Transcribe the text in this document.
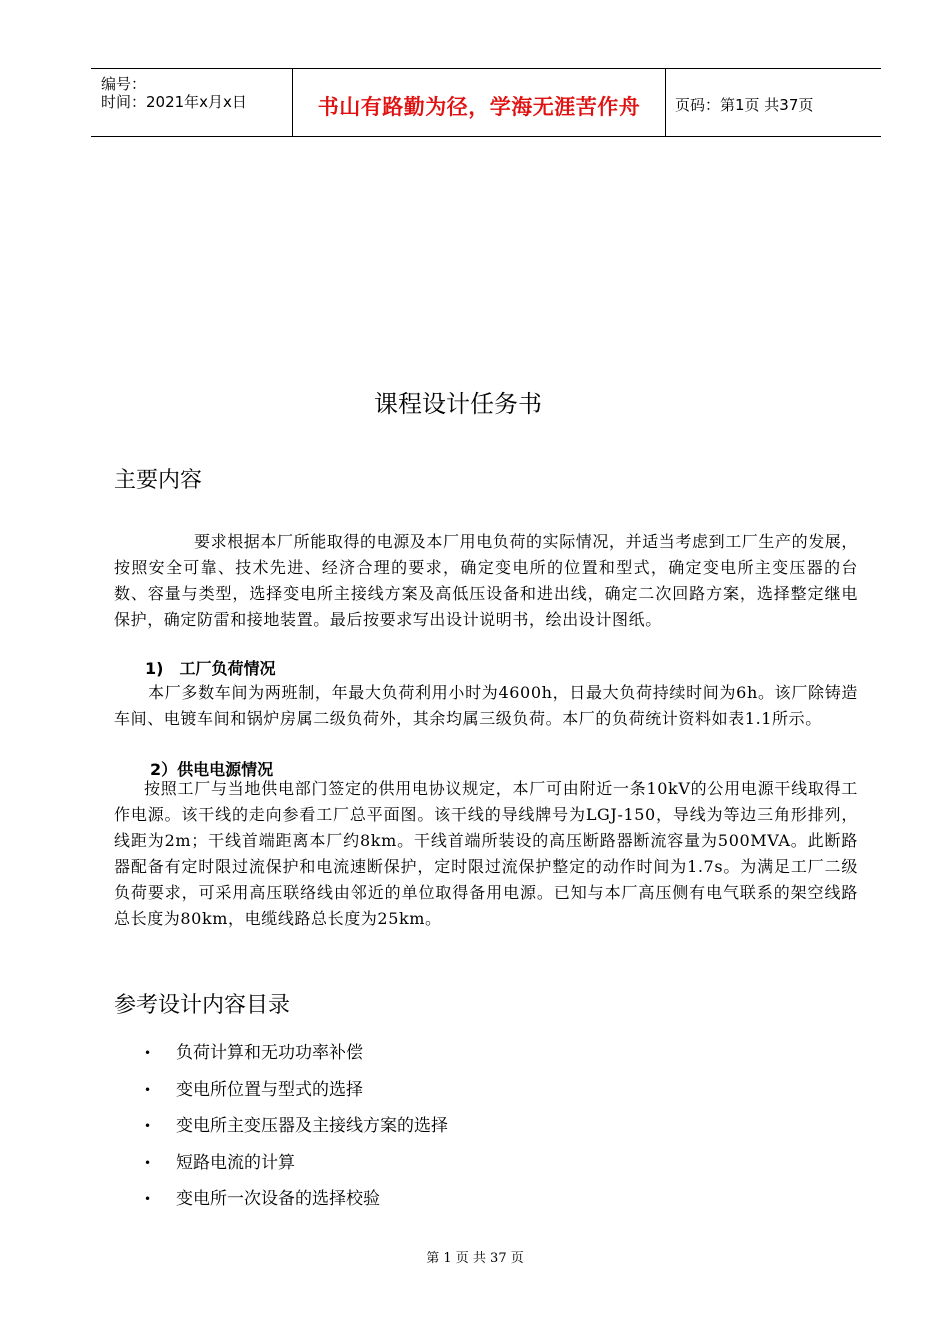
编号：
时间：2021年x月x日	书山有路勤为径，学海无涯苦作舟	页码：第1页 共37页
课程设计任务书
主要内容
要求根据本厂所能取得的电源及本厂用电负荷的实际情况，并适当考虑到工厂生产的发展，按照安全可靠、技术先进、经济合理的要求，确定变电所的位置和型式，确定变电所主变压器的台数、容量与类型，选择变电所主接线方案及高低压设备和进出线，确定二次回路方案，选择整定继电保护，确定防雷和接地装置。最后按要求写出设计说明书，绘出设计图纸。
1)　工厂负荷情况
本厂多数车间为两班制，年最大负荷利用小时为4600h，日最大负荷持续时间为6h。该厂除铸造车间、电镀车间和锅炉房属二级负荷外，其余均属三级负荷。本厂的负荷统计资料如表1.1所示。
2）供电电源情况
按照工厂与当地供电部门签定的供用电协议规定，本厂可由附近一条10kV的公用电源干线取得工作电源。该干线的走向参看工厂总平面图。该干线的导线牌号为LGJ-150，导线为等边三角形排列，线距为2m；干线首端距离本厂约8km。干线首端所装设的高压断路器断流容量为500MVA。此断路器配备有定时限过流保护和电流速断保护，定时限过流保护整定的动作时间为1.7s。为满足工厂二级负荷要求，可采用高压联络线由邻近的单位取得备用电源。已知与本厂高压侧有电气联系的架空线路总长度为80km，电缆线路总长度为25km。
参考设计内容目录
• 负荷计算和无功功率补偿
• 变电所位置与型式的选择
• 变电所主变压器及主接线方案的选择
• 短路电流的计算
• 变电所一次设备的选择校验
第 1 页 共 37 页
